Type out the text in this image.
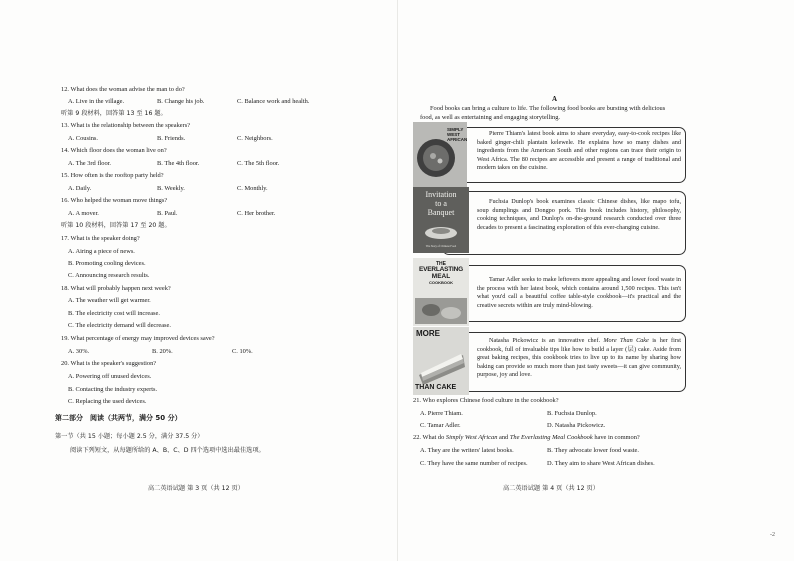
12. What does the woman advise the man to do?
A. Live in the village.	B. Change his job.	C. Balance work and health.
听第 9 段材料，回答第 13 至 16 题。
13. What is the relationship between the speakers?
A. Cousins.	B. Friends.	C. Neighbors.
14. Which floor does the woman live on?
A. The 3rd floor.	B. The 4th floor.	C. The 5th floor.
15. How often is the rooftop party held?
A. Daily.	B. Weekly.	C. Monthly.
16. Who helped the woman move things?
A. A mover.	B. Paul.	C. Her brother.
听第 10 段材料，回答第 17 至 20 题。
17. What is the speaker doing?
A. Airing a piece of news.
B. Promoting cooling devices.
C. Announcing research results.
18. What will probably happen next week?
A. The weather will get warmer.
B. The electricity cost will increase.
C. The electricity demand will decrease.
19. What percentage of energy may improved devices save?
A. 30%.	B. 20%.	C. 10%.
20. What is the speaker's suggestion?
A. Powering off unused devices.
B. Contacting the industry experts.
C. Replacing the used devices.
第二部分　阅读（共两节，满分 50 分）
第一节（共 15 小题；每小题 2.5 分，满分 37.5 分）
阅读下列短文，从每题所给的 A、B、C、D 四个选项中选出最佳选项。
高二英语试题 第 3 页（共 12 页）
A
Food books can bring a culture to life. The following food books are bursting with delicious
food, as well as entertaining and engaging storytelling.
Pierre Thiam's latest book aims to share everyday, easy-to-cook recipes like baked ginger-chili plantain kelewele. He explains how so many dishes and ingredients from the American South and other regions can trace their origin to West Africa. The 80 recipes are accessible and present a range of traditional and modern takes on the cuisine.
SIMPLY
WEST
AFRICAN
Fuchsia Dunlop's book examines classic Chinese dishes, like mapo tofu, soup dumplings and Dongpo pork. This book includes history, philosophy, cooking techniques, and Dunlop's on-the-ground research conducted over three decades to present a fascinating exploration of this ever-changing cuisine.
Invitation
to a
Banquet
The Story of Chinese Food
Tamar Adler seeks to make leftovers more appealing and lower food waste in the process with her latest book, which contains around 1,500 recipes. This isn't what you'd call a beautiful coffee table-style cookbook—it's practical and the creative secrets within are truly mind-blowing.
THE
EVERLASTING
MEAL
COOKBOOK
Natasha Pickowicz is an innovative chef. More Than Cake is her first cookbook, full of invaluable tips like how to build a layer (层) cake. Aside from great baking recipes, this cookbook tries to live up to its name by sharing how baking can provide so much more than just tasty sweets—it can give community, purpose, joy and love.
MORE
THAN CAKE
21. Who explores Chinese food culture in the cookbook?
A. Pierre Thiam.	B. Fuchsia Dunlop.
C. Tamar Adler.	D. Natasha Pickowicz.
22. What do Simply West African and The Everlasting Meal Cookbook have in common?
A. They are the writers' latest books.	B. They advocate lower food waste.
C. They have the same number of recipes.	D. They aim to share West African dishes.
高二英语试题 第 4 页（共 12 页）
-2
